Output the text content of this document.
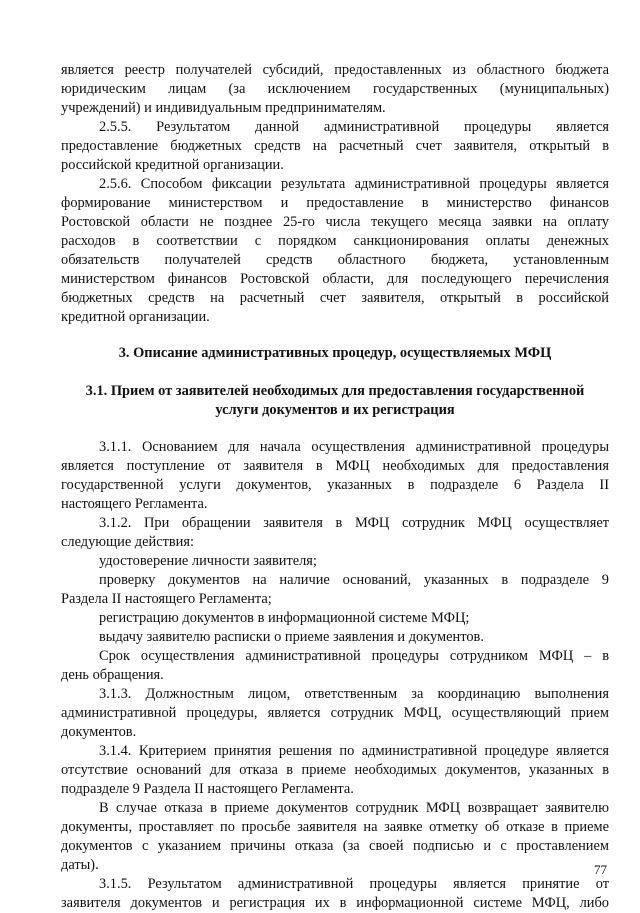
является реестр получателей субсидий, предоставленных из областного бюджета

юридическим лицам (за исключением государственных (муниципальных)

учреждений) и индивидуальным предпринимателям.

2.5.5. Результатом данной административной процедуры является

предоставление бюджетных средств на расчетный счет заявителя, открытый в

российской кредитной организации.

2.5.6. Способом фиксации результата административной процедуры является

формирование министерством и предоставление в министерство финансов

Ростовской области не позднее 25-го числа текущего месяца заявки на оплату

расходов в соответствии с порядком санкционирования оплаты денежных

обязательств получателей средств областного бюджета, установленным

министерством финансов Ростовской области, для последующего перечисления

бюджетных средств на расчетный счет заявителя, открытый в российской

кредитной организации.

3. Описание административных процедур, осуществляемых МФЦ

3.1. Прием от заявителей необходимых для предоставления государственной

услуги документов и их регистрация

3.1.1. Основанием для начала осуществления административной процедуры

является поступление от заявителя в МФЦ необходимых для предоставления

государственной услуги документов, указанных в подразделе 6 Раздела II

настоящего Регламента.

3.1.2. При обращении заявителя в МФЦ сотрудник МФЦ осуществляет

следующие действия:

удостоверение личности заявителя;

проверку документов на наличие оснований, указанных в подразделе 9

Раздела II настоящего Регламента;

регистрацию документов в информационной системе МФЦ;

выдачу заявителю расписки о приеме заявления и документов.

Срок осуществления административной процедуры сотрудником МФЦ – в

день обращения.

3.1.3. Должностным лицом, ответственным за координацию выполнения

административной процедуры, является сотрудник МФЦ, осуществляющий прием

документов.

3.1.4. Критерием принятия решения по административной процедуре является

отсутствие оснований для отказа в приеме необходимых документов, указанных в

подразделе 9 Раздела II настоящего Регламента.

В случае отказа в приеме документов сотрудник МФЦ возвращает заявителю

документы, проставляет по просьбе заявителя на заявке отметку об отказе в приеме

документов с указанием причины отказа (за своей подписью и с проставлением

даты).

3.1.5. Результатом административной процедуры является принятие от

заявителя документов и регистрация их в информационной системе МФЦ, либо

77
